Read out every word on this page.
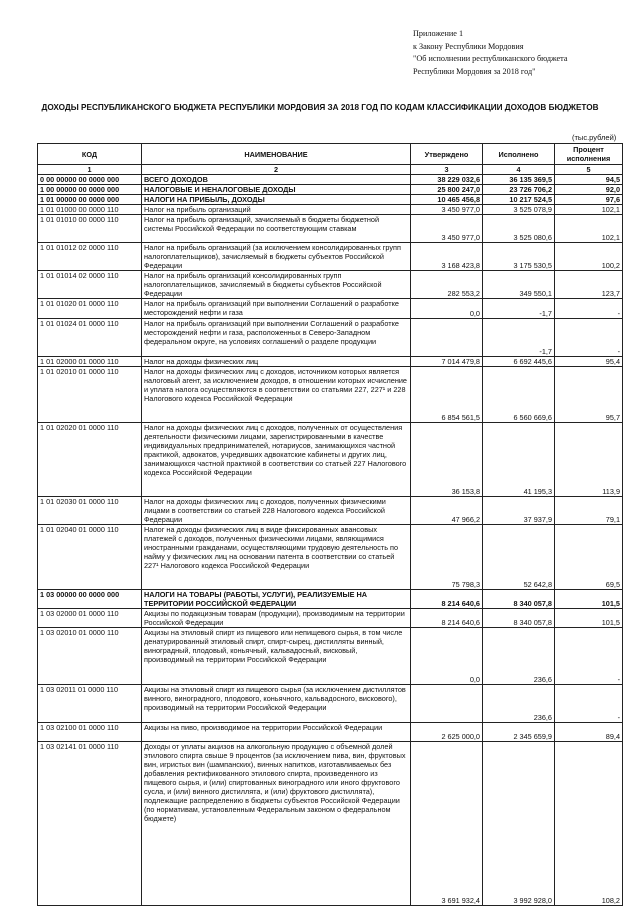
Приложение 1
к Закону Республики Мордовия
"Об исполнении республиканского бюджета
Республики Мордовия за 2018 год"
ДОХОДЫ РЕСПУБЛИКАНСКОГО БЮДЖЕТА РЕСПУБЛИКИ МОРДОВИЯ ЗА 2018 ГОД ПО КОДАМ КЛАССИФИКАЦИИ ДОХОДОВ БЮДЖЕТОВ
(тыс.рублей)
КОД	НАИМЕНОВАНИЕ	Утверждено	Исполнено	Процент исполнения
1	2	3	4	5
0 00 00000 00 0000 000	ВСЕГО ДОХОДОВ	38 229 032,6	36 135 369,5	94,5
1 00 00000 00 0000 000	НАЛОГОВЫЕ И НЕНАЛОГОВЫЕ ДОХОДЫ	25 800 247,0	23 726 706,2	92,0
1 01 00000 00 0000 000	НАЛОГИ НА ПРИБЫЛЬ, ДОХОДЫ	10 465 456,8	10 217 524,5	97,6
1 01 01000 00 0000 110	Налог на прибыль организаций	3 450 977,0	3 525 078,9	102,1
1 01 01010 00 0000 110	Налог на прибыль организаций, зачисляемый в бюджеты бюджетной системы Российской Федерации по соответствующим ставкам	3 450 977,0	3 525 080,6	102,1
1 01 01012 02 0000 110	Налог на прибыль организаций (за исключением консолидированных групп налогоплательщиков), зачисляемый в бюджеты субъектов Российской Федерации	3 168 423,8	3 175 530,5	100,2
1 01 01014 02 0000 110	Налог на прибыль организаций консолидированных групп налогоплательщиков, зачисляемый в бюджеты субъектов Российской Федерации	282 553,2	349 550,1	123,7
1 01 01020 01 0000 110	Налог на прибыль организаций при выполнении Соглашений о разработке месторождений нефти и газа	0,0	-1,7	-
1 01 01024 01 0000 110	Налог на прибыль организаций при выполнении Соглашений о разработке месторождений нефти и газа, расположенных в Северо-Западном федеральном округе, на условиях соглашений о разделе продукции		-1,7	-
1 01 02000 01 0000 110	Налог на доходы физических лиц	7 014 479,8	6 692 445,6	95,4
1 01 02010 01 0000 110	Налог на доходы физических лиц с доходов, источником которых является налоговый агент, за исключением доходов, в отношении которых исчисление и уплата налога осуществляются в соответствии со статьями 227, 227¹ и 228 Налогового кодекса Российской Федерации	6 854 561,5	6 560 669,6	95,7
1 01 02020 01 0000 110	Налог на доходы физических лиц с доходов, полученных от осуществления деятельности физическими лицами, зарегистрированными в качестве индивидуальных предпринимателей, нотариусов, занимающихся частной практикой, адвокатов, учредивших адвокатские кабинеты и других лиц, занимающихся частной практикой в соответствии со статьей 227 Налогового кодекса Российской Федерации	36 153,8	41 195,3	113,9
1 01 02030 01 0000 110	Налог на доходы физических лиц с доходов, полученных физическими лицами в соответствии со статьей 228 Налогового кодекса Российской Федерации	47 966,2	37 937,9	79,1
1 01 02040 01 0000 110	Налог на доходы физических лиц в виде фиксированных авансовых платежей с доходов, полученных физическими лицами, являющимися иностранными гражданами, осуществляющими трудовую деятельность по найму у физических лиц на основании патента в соответствии со статьей 227¹ Налогового кодекса Российской Федерации	75 798,3	52 642,8	69,5
1 03 00000 00 0000 000	НАЛОГИ НА ТОВАРЫ (РАБОТЫ, УСЛУГИ), РЕАЛИЗУЕМЫЕ НА ТЕРРИТОРИИ РОССИЙСКОЙ ФЕДЕРАЦИИ	8 214 640,6	8 340 057,8	101,5
1 03 02000 01 0000 110	Акцизы по подакцизным товарам (продукции), производимым на территории Российской Федерации	8 214 640,6	8 340 057,8	101,5
1 03 02010 01 0000 110	Акцизы на этиловый спирт из пищевого или непищевого сырья, в том числе денатурированный этиловый спирт, спирт-сырец, дистилляты винный, виноградный, плодовый, коньячный, кальвадосный, висковый, производимый на территории Российской Федерации	0,0	236,6	-
1 03 02011 01 0000 110	Акцизы на этиловый спирт из пищевого сырья (за исключением дистиллятов винного, виноградного, плодового, коньячного, кальвадосного, вискового), производимый на территории Российской Федерации		236,6	-
1 03 02100 01 0000 110	Акцизы на пиво, производимое на территории Российской Федерации	2 625 000,0	2 345 659,9	89,4
1 03 02141 01 0000 110	Доходы от уплаты акцизов на алкогольную продукцию с объемной долей этилового спирта свыше 9 процентов (за исключением пива, вин, фруктовых вин, игристых вин (шампанских), винных напитков, изготавливаемых без добавления ректификованного этилового спирта, произведенного из пищевого сырья, и (или) спиртованных виноградного или иного фруктового сусла, и (или) винного дистиллята, и (или) фруктового дистиллята), подлежащие распределению в бюджеты субъектов Российской Федерации (по нормативам, установленным Федеральным законом о федеральном бюджете)	3 691 932,4	3 992 928,0	108,2
